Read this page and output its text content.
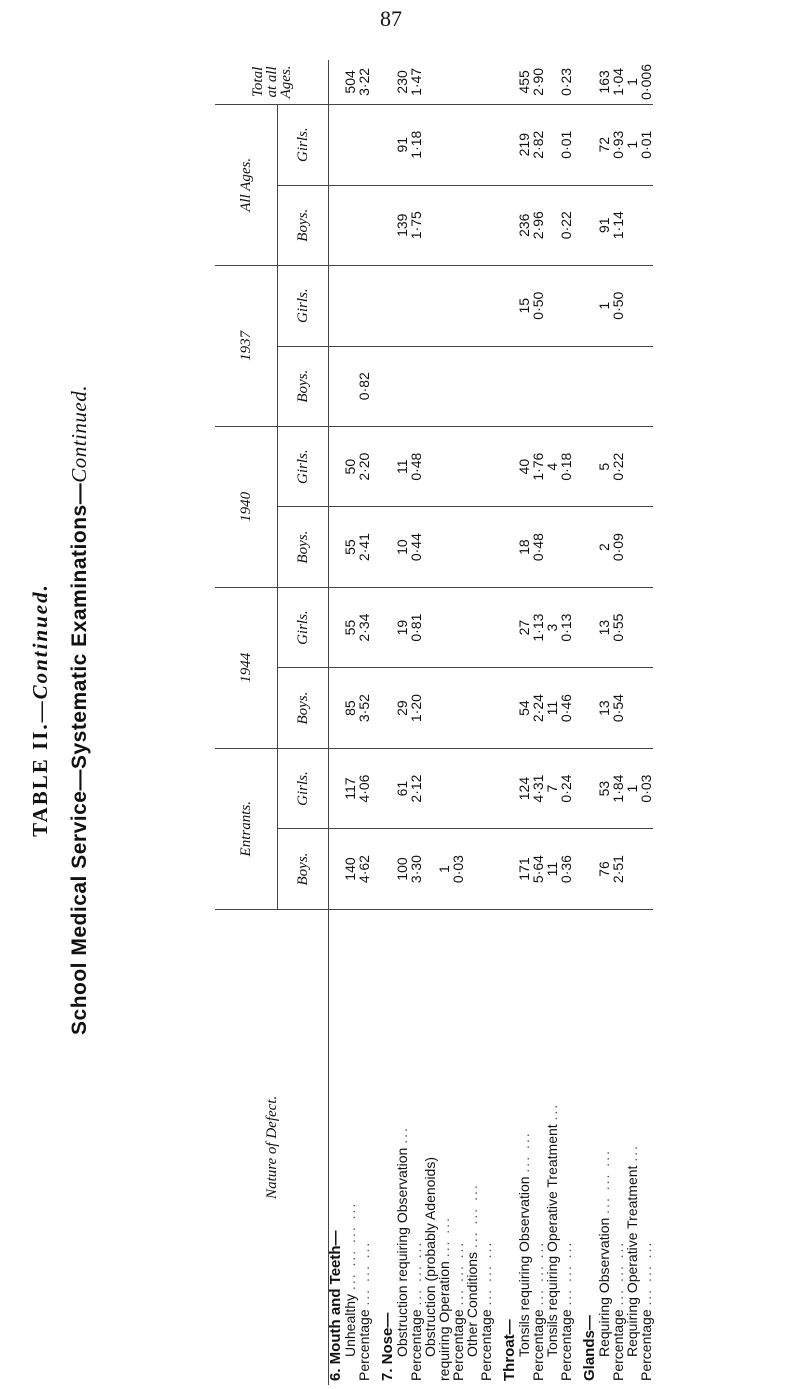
87
TABLE II.—Continued.
School Medical Service—Systematic Examinations—Continued.
Nature of Defect.	Entrants.		1944		1940		1937		All Ages.		Total at all Ages.
	Boys.	Girls.	Boys.	Girls.	Boys.	Girls.	Boys.	Girls.	Boys.	Girls.	
6. Mouth and Teeth—											
Unhealthy ... ... ... ...	140	117	85	55	55	50					504
Percentage ... ... ...	4·62	4·06	3·52	2·34	2·41	2·20	0·82				3·22

7. Nose—											
Obstruction requiring Observation ...	100	61	29	19	10	11			139	91	230
Percentage ... ... ...	3·30	2·12	1·20	0·81	0·44	0·48			1·75	1·18	1·47
Obstruction (probably Adenoids)											
requiring Operation ... ...	1										
Percentage ... ... ...	0·03										
Other Conditions ... ... ...											
Percentage ... ... ...											

Throat—											
Tonsils requiring Observation ... ...	171	124	54	27	18	40		15	236	219	455
Percentage ... ... ...	5·64	4·31	2·24	1·13	0·48	1·76		0·50	2·96	2·82	2·90
Tonsils requiring Operative Treatment ...	11	7	11	3		4					
Percentage ... ... ...	0·36	0·24	0·46	0·13		0·18			0·22	0·01	0·23

Glands—											
Requiring Observation ... ... ...	76	53	13	13	2	5		1	91	72	163
Percentage ... ... ...	2·51	1·84	0·54	0·55	0·09	0·22		0·50	1·14	0·93	1·04
Requiring Operative Treatment ...		1								1	1
Percentage ... ... ...		0·03								0·01	0·006
